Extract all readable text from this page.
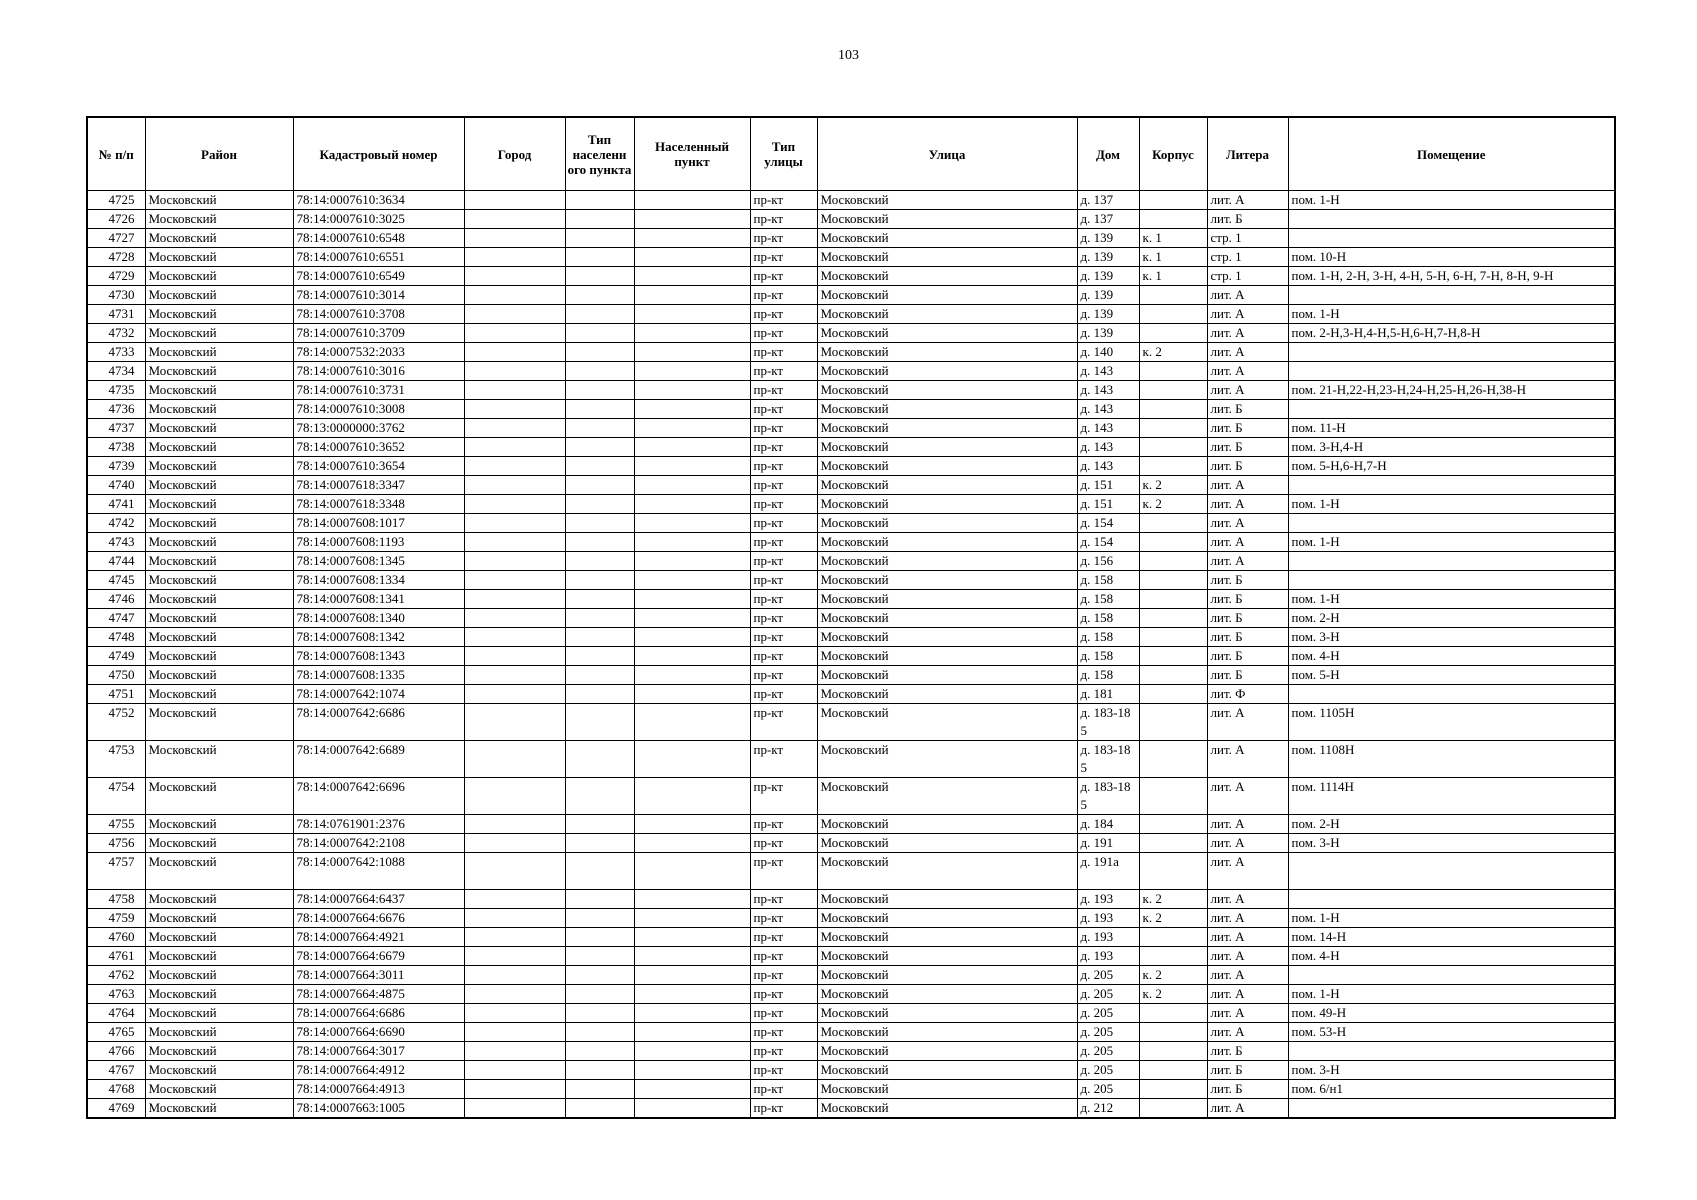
103
№ п/п	Район	Кадастровый номер	Город	Тип населенн ого пункта	Населенный пункт	Тип улицы	Улица	Дом	Корпус	Литера	Помещение
4725	Московский	78:14:0007610:3634				пр-кт	Московский	д. 137		лит. А	пом. 1-Н
4726	Московский	78:14:0007610:3025				пр-кт	Московский	д. 137		лит. Б	
4727	Московский	78:14:0007610:6548				пр-кт	Московский	д. 139	к. 1	стр. 1	
4728	Московский	78:14:0007610:6551				пр-кт	Московский	д. 139	к. 1	стр. 1	пом. 10-Н
4729	Московский	78:14:0007610:6549				пр-кт	Московский	д. 139	к. 1	стр. 1	пом. 1-Н, 2-Н, 3-Н, 4-Н, 5-Н, 6-Н, 7-Н, 8-Н, 9-Н
4730	Московский	78:14:0007610:3014				пр-кт	Московский	д. 139		лит. А	
4731	Московский	78:14:0007610:3708				пр-кт	Московский	д. 139		лит. А	пом. 1-Н
4732	Московский	78:14:0007610:3709				пр-кт	Московский	д. 139		лит. А	пом. 2-Н,3-Н,4-Н,5-Н,6-Н,7-Н,8-Н
4733	Московский	78:14:0007532:2033				пр-кт	Московский	д. 140	к. 2	лит. А	
4734	Московский	78:14:0007610:3016				пр-кт	Московский	д. 143		лит. А	
4735	Московский	78:14:0007610:3731				пр-кт	Московский	д. 143		лит. А	пом. 21-Н,22-Н,23-Н,24-Н,25-Н,26-Н,38-Н
4736	Московский	78:14:0007610:3008				пр-кт	Московский	д. 143		лит. Б	
4737	Московский	78:13:0000000:3762				пр-кт	Московский	д. 143		лит. Б	пом. 11-Н
4738	Московский	78:14:0007610:3652				пр-кт	Московский	д. 143		лит. Б	пом. 3-Н,4-Н
4739	Московский	78:14:0007610:3654				пр-кт	Московский	д. 143		лит. Б	пом. 5-Н,6-Н,7-Н
4740	Московский	78:14:0007618:3347				пр-кт	Московский	д. 151	к. 2	лит. А	
4741	Московский	78:14:0007618:3348				пр-кт	Московский	д. 151	к. 2	лит. А	пом. 1-Н
4742	Московский	78:14:0007608:1017				пр-кт	Московский	д. 154		лит. А	
4743	Московский	78:14:0007608:1193				пр-кт	Московский	д. 154		лит. А	пом. 1-Н
4744	Московский	78:14:0007608:1345				пр-кт	Московский	д. 156		лит. А	
4745	Московский	78:14:0007608:1334				пр-кт	Московский	д. 158		лит. Б	
4746	Московский	78:14:0007608:1341				пр-кт	Московский	д. 158		лит. Б	пом. 1-Н
4747	Московский	78:14:0007608:1340				пр-кт	Московский	д. 158		лит. Б	пом. 2-Н
4748	Московский	78:14:0007608:1342				пр-кт	Московский	д. 158		лит. Б	пом. 3-Н
4749	Московский	78:14:0007608:1343				пр-кт	Московский	д. 158		лит. Б	пом. 4-Н
4750	Московский	78:14:0007608:1335				пр-кт	Московский	д. 158		лит. Б	пом. 5-Н
4751	Московский	78:14:0007642:1074				пр-кт	Московский	д. 181		лит. Ф	
4752	Московский	78:14:0007642:6686				пр-кт	Московский	д. 183-185		лит. А	пом. 1105Н
4753	Московский	78:14:0007642:6689				пр-кт	Московский	д. 183-185		лит. А	пом. 1108Н
4754	Московский	78:14:0007642:6696				пр-кт	Московский	д. 183-185		лит. А	пом. 1114Н
4755	Московский	78:14:0761901:2376				пр-кт	Московский	д. 184		лит. А	пом. 2-Н
4756	Московский	78:14:0007642:2108				пр-кт	Московский	д. 191		лит. А	пом. 3-Н
4757	Московский	78:14:0007642:1088				пр-кт	Московский	д. 191а		лит. А	
4758	Московский	78:14:0007664:6437				пр-кт	Московский	д. 193	к. 2	лит. А	
4759	Московский	78:14:0007664:6676				пр-кт	Московский	д. 193	к. 2	лит. А	пом. 1-Н
4760	Московский	78:14:0007664:4921				пр-кт	Московский	д. 193		лит. А	пом. 14-Н
4761	Московский	78:14:0007664:6679				пр-кт	Московский	д. 193		лит. А	пом. 4-Н
4762	Московский	78:14:0007664:3011				пр-кт	Московский	д. 205	к. 2	лит. А	
4763	Московский	78:14:0007664:4875				пр-кт	Московский	д. 205	к. 2	лит. А	пом. 1-Н
4764	Московский	78:14:0007664:6686				пр-кт	Московский	д. 205		лит. А	пом. 49-Н
4765	Московский	78:14:0007664:6690				пр-кт	Московский	д. 205		лит. А	пом. 53-Н
4766	Московский	78:14:0007664:3017				пр-кт	Московский	д. 205		лит. Б	
4767	Московский	78:14:0007664:4912				пр-кт	Московский	д. 205		лит. Б	пом. 3-Н
4768	Московский	78:14:0007664:4913				пр-кт	Московский	д. 205		лит. Б	пом. 6/н1
4769	Московский	78:14:0007663:1005				пр-кт	Московский	д. 212		лит. А	
